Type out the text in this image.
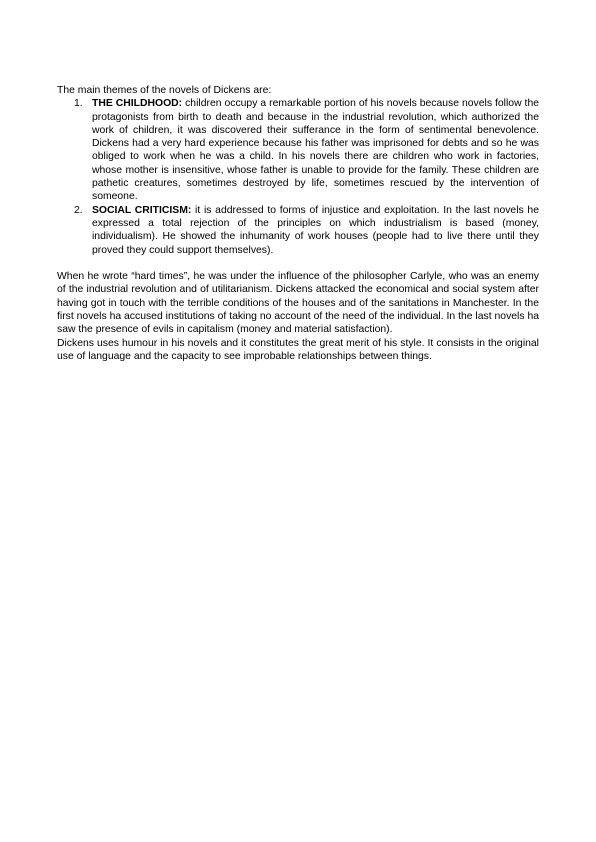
The main themes of the novels of Dickens are:

1. THE CHILDHOOD: children occupy a remarkable portion of his novels because novels follow the protagonists from birth to death and because in the industrial revolution, which authorized the work of children, it was discovered their sufferance in the form of sentimental benevolence. Dickens had a very hard experience because his father was imprisoned for debts and so he was obliged to work when he was a child. In his novels there are children who work in factories, whose mother is insensitive, whose father is unable to provide for the family. These children are pathetic creatures, sometimes destroyed by life, sometimes rescued by the intervention of someone.
2. SOCIAL CRITICISM: it is addressed to forms of injustice and exploitation. In the last novels he expressed a total rejection of the principles on which industrialism is based (money, individualism). He showed the inhumanity of work houses (people had to live there until they proved they could support themselves).

When he wrote “hard times”, he was under the influence of the philosopher Carlyle, who was an enemy of the industrial revolution and of utilitarianism. Dickens attacked the economical and social system after having got in touch with the terrible conditions of the houses and of the sanitations in Manchester. In the first novels ha accused institutions of taking no account of the need of the individual. In the last novels ha saw the presence of evils in capitalism (money and material satisfaction).

Dickens uses humour in his novels and it constitutes the great merit of his style. It consists in the original use of language and the capacity to see improbable relationships between things.
